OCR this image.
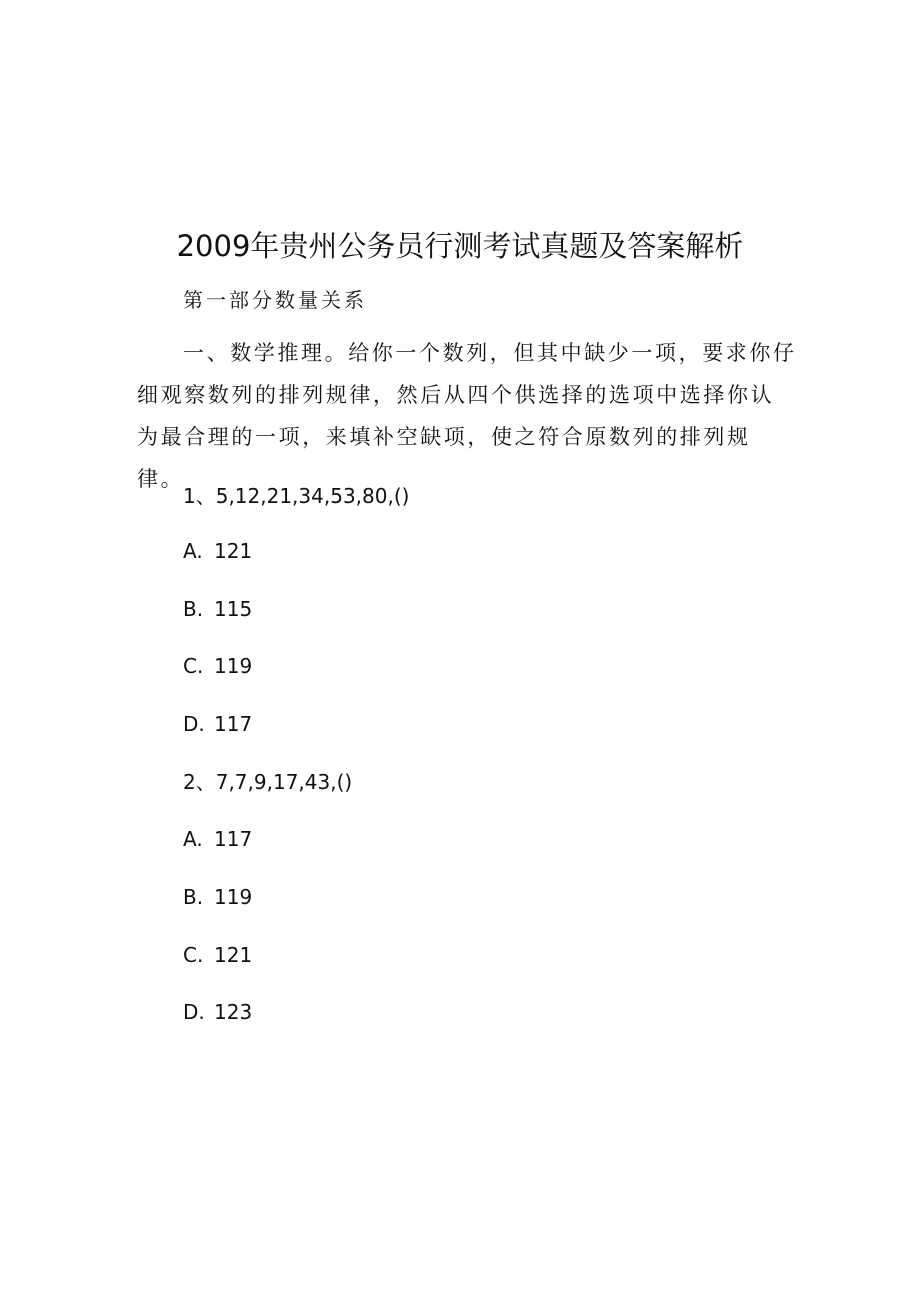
2009年贵州公务员行测考试真题及答案解析
第一部分数量关系

一、数学推理。给你一个数列，但其中缺少一项，要求你仔细观察数列的排列规律，然后从四个供选择的选项中选择你认为最合理的一项，来填补空缺项，使之符合原数列的排列规律。

1、5,12,21,34,53,80,()
A. 121
B. 115
C. 119
D. 117
2、7,7,9,17,43,()
A. 117
B. 119
C. 121
D. 123
